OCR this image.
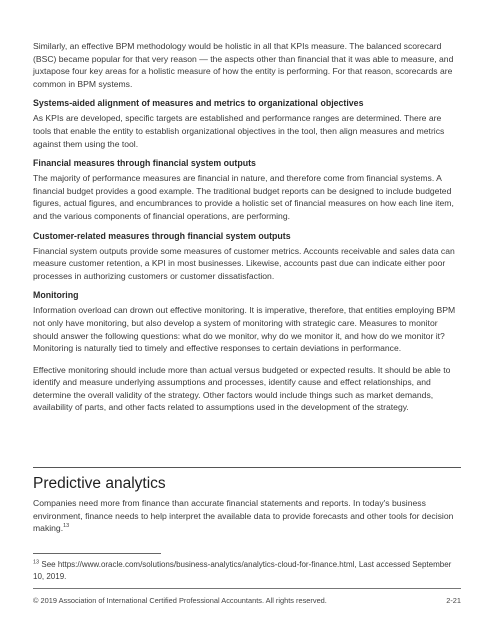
Similarly, an effective BPM methodology would be holistic in all that KPIs measure. The balanced scorecard (BSC) became popular for that very reason — the aspects other than financial that it was able to measure, and juxtapose four key areas for a holistic measure of how the entity is performing. For that reason, scorecards are common in BPM systems.

Systems-aided alignment of measures and metrics to organizational objectives

As KPIs are developed, specific targets are established and performance ranges are determined. There are tools that enable the entity to establish organizational objectives in the tool, then align measures and metrics against them using the tool.

Financial measures through financial system outputs

The majority of performance measures are financial in nature, and therefore come from financial systems. A financial budget provides a good example. The traditional budget reports can be designed to include budgeted figures, actual figures, and encumbrances to provide a holistic set of financial measures on how each line item, and the various components of financial operations, are performing.

Customer-related measures through financial system outputs

Financial system outputs provide some measures of customer metrics. Accounts receivable and sales data can measure customer retention, a KPI in most businesses. Likewise, accounts past due can indicate either poor processes in authorizing customers or customer dissatisfaction.

Monitoring

Information overload can drown out effective monitoring. It is imperative, therefore, that entities employing BPM not only have monitoring, but also develop a system of monitoring with strategic care. Measures to monitor should answer the following questions: what do we monitor, why do we monitor it, and how do we monitor it? Monitoring is naturally tied to timely and effective responses to certain deviations in performance.

Effective monitoring should include more than actual versus budgeted or expected results. It should be able to identify and measure underlying assumptions and processes, identify cause and effect relationships, and determine the overall validity of the strategy. Other factors would include things such as market demands, availability of parts, and other facts related to assumptions used in the development of the strategy.

Predictive analytics

Companies need more from finance than accurate financial statements and reports. In today's business environment, finance needs to help interpret the available data to provide forecasts and other tools for decision making.$^{13}$

$^{13}$ See https://www.oracle.com/solutions/business-analytics/analytics-cloud-for-finance.html, Last accessed September 10, 2019.

© 2019 Association of International Certified Professional Accountants. All rights reserved.	2-21
